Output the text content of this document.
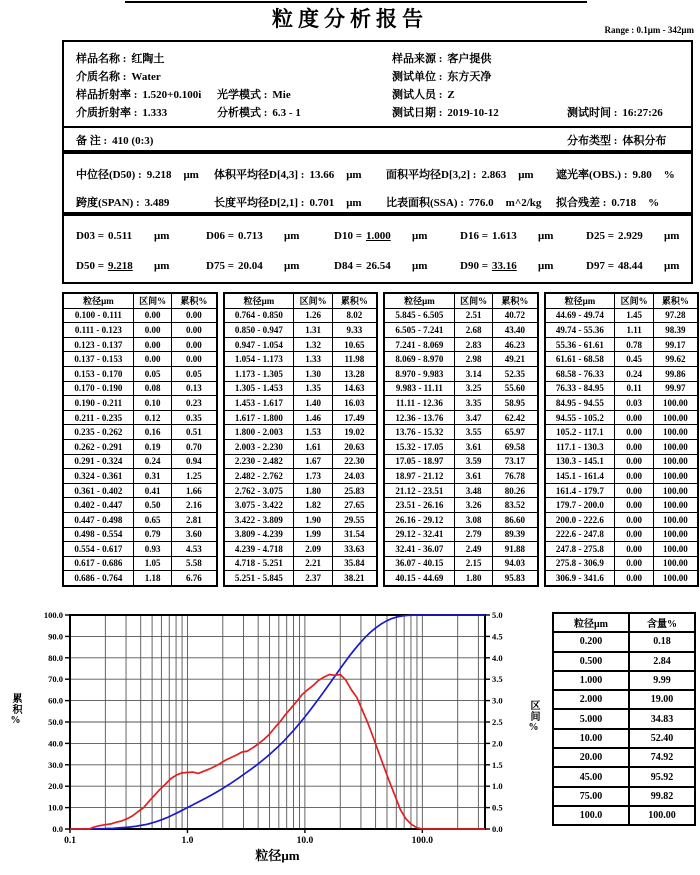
粒度分析报告	Range : 0.1μm - 342μm
样品名称 : 红陶土	样品来源 : 客户提供
介质名称 : Water	测试单位 : 东方天净
样品折射率 : 1.520+0.100i 光学模式 : Mie	测试人员 : Z
介质折射率 : 1.333	分析模式 : 6.3 - 1	测试日期 : 2019-10-12	测试时间 : 16:27:26
备 注 : 410 (0:3)	分布类型 : 体积分布
中位径(D50) : 9.218 μm 体积平均径D[4,3] : 13.66 μm 面积平均径D[3,2] : 2.863 μm 遮光率(OBS.) : 9.80 %
跨度(SPAN) : 3.489	长度平均径D[2,1] : 0.701 μm 比表面积(SSA) : 776.0 m^2/kg 拟合残差 : 0.718 %
D03 = 0.511 μm	D06 = 0.713 μm	D10 = 1.000 μm	D16 = 1.613 μm	D25 = 2.929 μm
D50 = 9.218 μm	D75 = 20.04 μm	D84 = 26.54 μm	D90 = 33.16 μm	D97 = 48.44 μm
粒径μm	区间%	累积%
0.100 - 0.111	0.00	0.00
0.111 - 0.123	0.00	0.00
0.123 - 0.137	0.00	0.00
0.137 - 0.153	0.00	0.00
0.153 - 0.170	0.05	0.05
0.170 - 0.190	0.08	0.13
0.190 - 0.211	0.10	0.23
0.211 - 0.235	0.12	0.35
0.235 - 0.262	0.16	0.51
0.262 - 0.291	0.19	0.70
0.291 - 0.324	0.24	0.94
0.324 - 0.361	0.31	1.25
0.361 - 0.402	0.41	1.66
0.402 - 0.447	0.50	2.16
0.447 - 0.498	0.65	2.81
0.498 - 0.554	0.79	3.60
0.554 - 0.617	0.93	4.53
0.617 - 0.686	1.05	5.58
0.686 - 0.764	1.18	6.76
粒径μm	区间%	累积%
0.764 - 0.850	1.26	8.02
0.850 - 0.947	1.31	9.33
0.947 - 1.054	1.32	10.65
1.054 - 1.173	1.33	11.98
1.173 - 1.305	1.30	13.28
1.305 - 1.453	1.35	14.63
1.453 - 1.617	1.40	16.03
1.617 - 1.800	1.46	17.49
1.800 - 2.003	1.53	19.02
2.003 - 2.230	1.61	20.63
2.230 - 2.482	1.67	22.30
2.482 - 2.762	1.73	24.03
2.762 - 3.075	1.80	25.83
3.075 - 3.422	1.82	27.65
3.422 - 3.809	1.90	29.55
3.809 - 4.239	1.99	31.54
4.239 - 4.718	2.09	33.63
4.718 - 5.251	2.21	35.84
5.251 - 5.845	2.37	38.21
粒径μm	区间%	累积%
5.845 - 6.505	2.51	40.72
6.505 - 7.241	2.68	43.40
7.241 - 8.069	2.83	46.23
8.069 - 8.970	2.98	49.21
8.970 - 9.983	3.14	52.35
9.983 - 11.11	3.25	55.60
11.11 - 12.36	3.35	58.95
12.36 - 13.76	3.47	62.42
13.76 - 15.32	3.55	65.97
15.32 - 17.05	3.61	69.58
17.05 - 18.97	3.59	73.17
18.97 - 21.12	3.61	76.78
21.12 - 23.51	3.48	80.26
23.51 - 26.16	3.26	83.52
26.16 - 29.12	3.08	86.60
29.12 - 32.41	2.79	89.39
32.41 - 36.07	2.49	91.88
36.07 - 40.15	2.15	94.03
40.15 - 44.69	1.80	95.83
粒径μm	区间%	累积%
44.69 - 49.74	1.45	97.28
49.74 - 55.36	1.11	98.39
55.36 - 61.61	0.78	99.17
61.61 - 68.58	0.45	99.62
68.58 - 76.33	0.24	99.86
76.33 - 84.95	0.11	99.97
84.95 - 94.55	0.03	100.00
94.55 - 105.2	0.00	100.00
105.2 - 117.1	0.00	100.00
117.1 - 130.3	0.00	100.00
130.3 - 145.1	0.00	100.00
145.1 - 161.4	0.00	100.00
161.4 - 179.7	0.00	100.00
179.7 - 200.0	0.00	100.00
200.0 - 222.6	0.00	100.00
222.6 - 247.8	0.00	100.00
247.8 - 275.8	0.00	100.00
275.8 - 306.9	0.00	100.00
306.9 - 341.6	0.00	100.00
100.0
90.0
80.0
70.0
60.0
50.0
40.0
30.0
20.0
10.0
0.0
5.0
4.5
4.0
3.5
3.0
2.5
2.0
1.5
1.0
0.5
0.0
0.1	1.0	10.0	100.0
粒径μm
累积%	区间%
粒径μm	含量%
0.200	0.18
0.500	2.84
1.000	9.99
2.000	19.00
5.000	34.83
10.00	52.40
20.00	74.92
45.00	95.92
75.00	99.82
100.0	100.00
